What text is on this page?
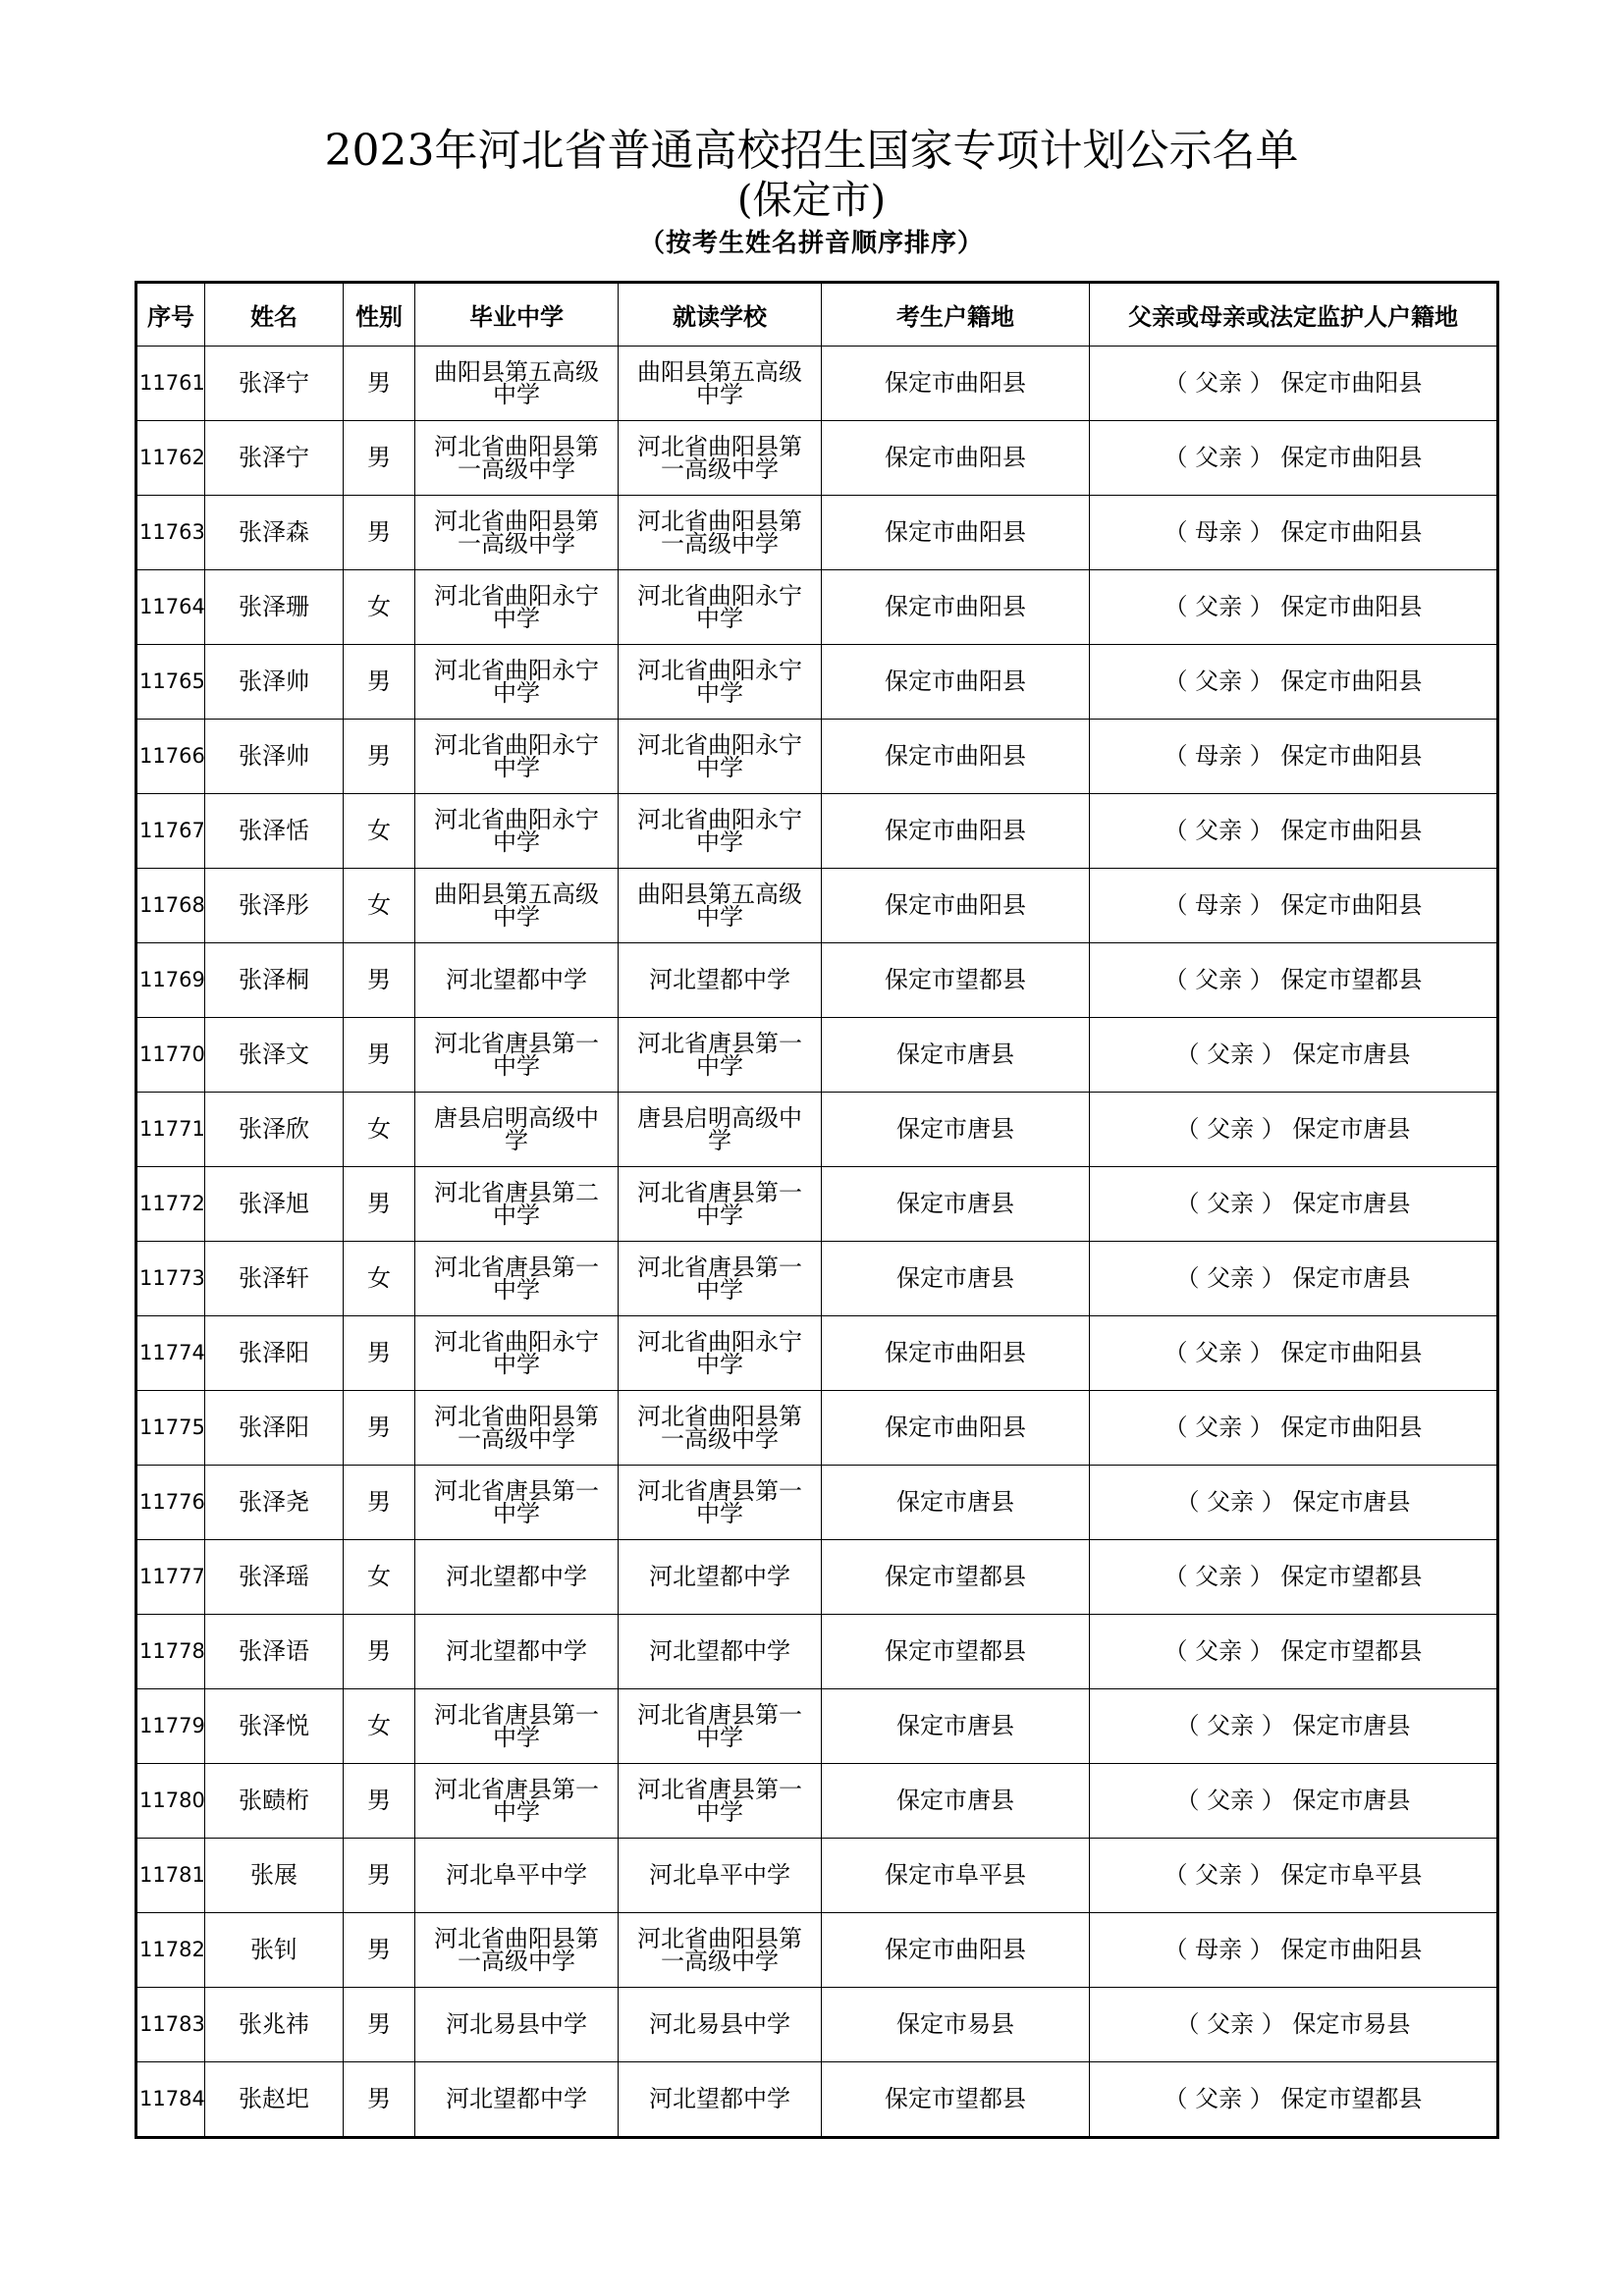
2023年河北省普通高校招生国家专项计划公示名单
(保定市)
（按考生姓名拼音顺序排序）
序号	姓名	性别	毕业中学	就读学校	考生户籍地	父亲或母亲或法定监护人户籍地
11761	张泽宁	男	曲阳县第五高级中学	曲阳县第五高级中学	保定市曲阳县	（ 父亲 ） 保定市曲阳县
11762	张泽宁	男	河北省曲阳县第一高级中学	河北省曲阳县第一高级中学	保定市曲阳县	（ 父亲 ） 保定市曲阳县
11763	张泽森	男	河北省曲阳县第一高级中学	河北省曲阳县第一高级中学	保定市曲阳县	（ 母亲 ） 保定市曲阳县
11764	张泽珊	女	河北省曲阳永宁中学	河北省曲阳永宁中学	保定市曲阳县	（ 父亲 ） 保定市曲阳县
11765	张泽帅	男	河北省曲阳永宁中学	河北省曲阳永宁中学	保定市曲阳县	（ 父亲 ） 保定市曲阳县
11766	张泽帅	男	河北省曲阳永宁中学	河北省曲阳永宁中学	保定市曲阳县	（ 母亲 ） 保定市曲阳县
11767	张泽恬	女	河北省曲阳永宁中学	河北省曲阳永宁中学	保定市曲阳县	（ 父亲 ） 保定市曲阳县
11768	张泽彤	女	曲阳县第五高级中学	曲阳县第五高级中学	保定市曲阳县	（ 母亲 ） 保定市曲阳县
11769	张泽桐	男	河北望都中学	河北望都中学	保定市望都县	（ 父亲 ） 保定市望都县
11770	张泽文	男	河北省唐县第一中学	河北省唐县第一中学	保定市唐县	（ 父亲 ） 保定市唐县
11771	张泽欣	女	唐县启明高级中学	唐县启明高级中学	保定市唐县	（ 父亲 ） 保定市唐县
11772	张泽旭	男	河北省唐县第二中学	河北省唐县第一中学	保定市唐县	（ 父亲 ） 保定市唐县
11773	张泽轩	女	河北省唐县第一中学	河北省唐县第一中学	保定市唐县	（ 父亲 ） 保定市唐县
11774	张泽阳	男	河北省曲阳永宁中学	河北省曲阳永宁中学	保定市曲阳县	（ 父亲 ） 保定市曲阳县
11775	张泽阳	男	河北省曲阳县第一高级中学	河北省曲阳县第一高级中学	保定市曲阳县	（ 父亲 ） 保定市曲阳县
11776	张泽尧	男	河北省唐县第一中学	河北省唐县第一中学	保定市唐县	（ 父亲 ） 保定市唐县
11777	张泽瑶	女	河北望都中学	河北望都中学	保定市望都县	（ 父亲 ） 保定市望都县
11778	张泽语	男	河北望都中学	河北望都中学	保定市望都县	（ 父亲 ） 保定市望都县
11779	张泽悦	女	河北省唐县第一中学	河北省唐县第一中学	保定市唐县	（ 父亲 ） 保定市唐县
11780	张赜桁	男	河北省唐县第一中学	河北省唐县第一中学	保定市唐县	（ 父亲 ） 保定市唐县
11781	张展	男	河北阜平中学	河北阜平中学	保定市阜平县	（ 父亲 ） 保定市阜平县
11782	张钊	男	河北省曲阳县第一高级中学	河北省曲阳县第一高级中学	保定市曲阳县	（ 母亲 ） 保定市曲阳县
11783	张兆祎	男	河北易县中学	河北易县中学	保定市易县	（ 父亲 ） 保定市易县
11784	张赵圯	男	河北望都中学	河北望都中学	保定市望都县	（ 父亲 ） 保定市望都县
